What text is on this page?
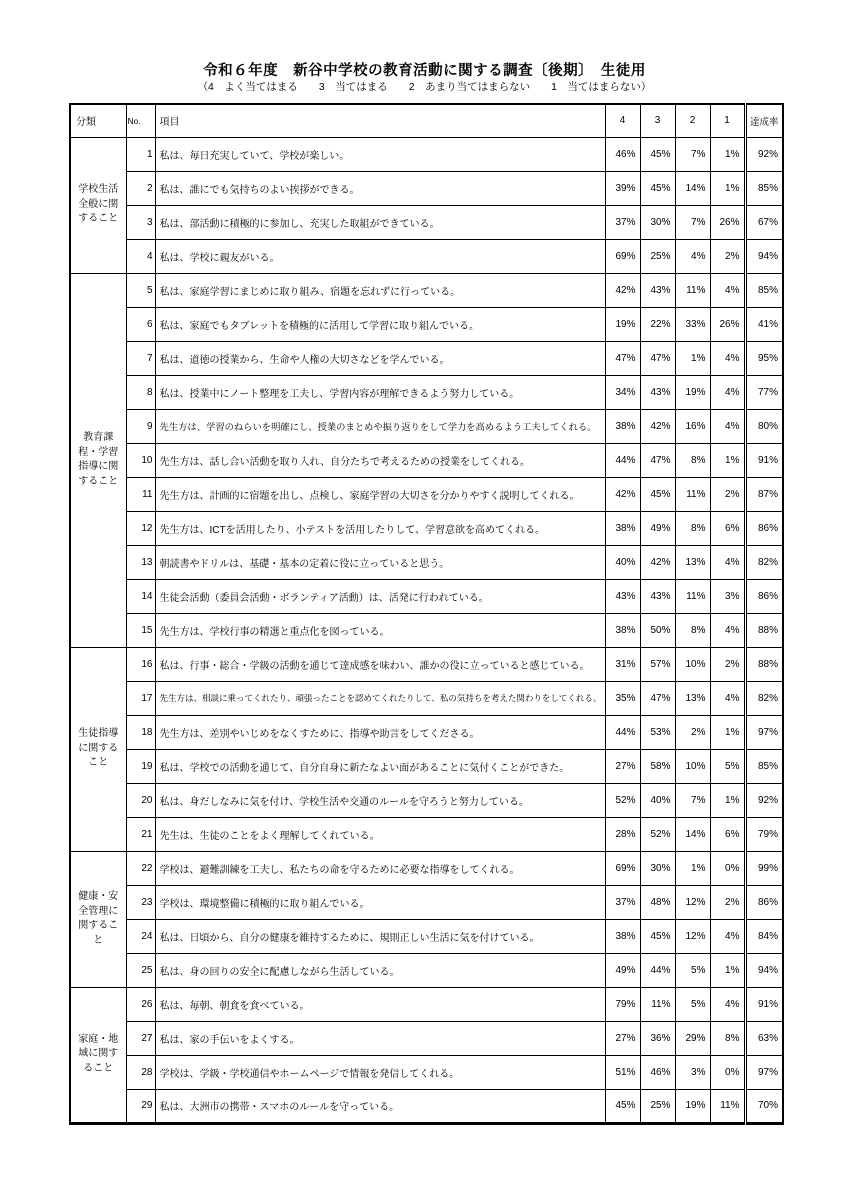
令和６年度　新谷中学校の教育活動に関する調査〔後期〕　生徒用
（4　よく当てはまる　　3　当てはまる　　2　あまり当てはまらない　　1　当てはまらない）
分類	No.	項目	4	3	2	1	達成率
学校生活全般に関すること	1	私は、毎日充実していて、学校が楽しい。	46%	45%	7%	1%	92%
	2	私は、誰にでも気持ちのよい挨拶ができる。	39%	45%	14%	1%	85%
	3	私は、部活動に積極的に参加し、充実した取組ができている。	37%	30%	7%	26%	67%
	4	私は、学校に親友がいる。	69%	25%	4%	2%	94%
教育課程・学習指導に関すること	5	私は、家庭学習にまじめに取り組み、宿題を忘れずに行っている。	42%	43%	11%	4%	85%
	6	私は、家庭でもタブレットを積極的に活用して学習に取り組んでいる。	19%	22%	33%	26%	41%
	7	私は、道徳の授業から、生命や人権の大切さなどを学んでいる。	47%	47%	1%	4%	95%
	8	私は、授業中にノート整理を工夫し、学習内容が理解できるよう努力している。	34%	43%	19%	4%	77%
	9	先生方は、学習のねらいを明確にし、授業のまとめや振り返りをして学力を高めるよう工夫してくれる。	38%	42%	16%	4%	80%
	10	先生方は、話し合い活動を取り入れ、自分たちで考えるための授業をしてくれる。	44%	47%	8%	1%	91%
	11	先生方は、計画的に宿題を出し、点検し、家庭学習の大切さを分かりやすく説明してくれる。	42%	45%	11%	2%	87%
	12	先生方は、ICTを活用したり、小テストを活用したりして、学習意欲を高めてくれる。	38%	49%	8%	6%	86%
	13	朝読書やドリルは、基礎・基本の定着に役に立っていると思う。	40%	42%	13%	4%	82%
	14	生徒会活動（委員会活動・ボランティア活動）は、活発に行われている。	43%	43%	11%	3%	86%
	15	先生方は、学校行事の精選と重点化を図っている。	38%	50%	8%	4%	88%
生徒指導に関すること	16	私は、行事・総合・学級の活動を通じて達成感を味わい、誰かの役に立っていると感じている。	31%	57%	10%	2%	88%
	17	先生方は、相談に乗ってくれたり、頑張ったことを認めてくれたりして、私の気持ちを考えた関わりをしてくれる。	35%	47%	13%	4%	82%
	18	先生方は、差別やいじめをなくすために、指導や助言をしてくださる。	44%	53%	2%	1%	97%
	19	私は、学校での活動を通じて、自分自身に新たなよい面があることに気付くことができた。	27%	58%	10%	5%	85%
	20	私は、身だしなみに気を付け、学校生活や交通のルールを守ろうと努力している。	52%	40%	7%	1%	92%
	21	先生は、生徒のことをよく理解してくれている。	28%	52%	14%	6%	79%
健康・安全管理に関すること	22	学校は、避難訓練を工夫し、私たちの命を守るために必要な指導をしてくれる。	69%	30%	1%	0%	99%
	23	学校は、環境整備に積極的に取り組んでいる。	37%	48%	12%	2%	86%
	24	私は、日頃から、自分の健康を維持するために、規則正しい生活に気を付けている。	38%	45%	12%	4%	84%
	25	私は、身の回りの安全に配慮しながら生活している。	49%	44%	5%	1%	94%
家庭・地域に関すること	26	私は、毎朝、朝食を食べている。	79%	11%	5%	4%	91%
	27	私は、家の手伝いをよくする。	27%	36%	29%	8%	63%
	28	学校は、学級・学校通信やホームページで情報を発信してくれる。	51%	46%	3%	0%	97%
	29	私は、大洲市の携帯・スマホのルールを守っている。	45%	25%	19%	11%	70%
